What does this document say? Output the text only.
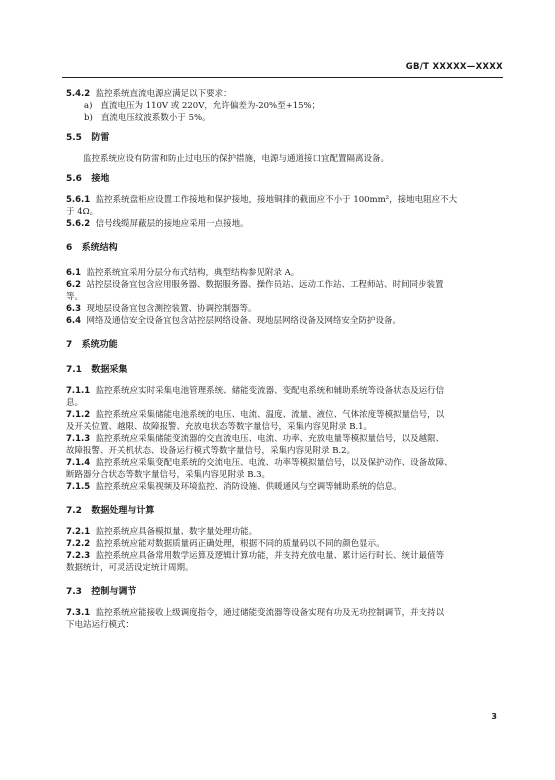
GB/T XXXXX—XXXX
5.4.2 监控系统直流电源应满足以下要求：
a) 直流电压为 110V 或 220V，允许偏差为-20%至+15%；
b) 直流电压纹波系数小于 5%。
5.5 防雷
监控系统应设有防雷和防止过电压的保护措施，电源与通道接口宜配置隔离设备。
5.6 接地
5.6.1 监控系统盘柜应设置工作接地和保护接地，接地铜排的截面应不小于 100mm²，接地电阻应不大
于 4Ω。
5.6.2 信号线缆屏蔽层的接地应采用一点接地。
6 系统结构
6.1 监控系统宜采用分层分布式结构，典型结构参见附录 A。
6.2 站控层设备宜包含应用服务器、数据服务器、操作员站、远动工作站、工程师站、时间同步装置
等。
6.3 现地层设备宜包含测控装置、协调控制器等。
6.4 网络及通信安全设备宜包含站控层网络设备、现地层网络设备及网络安全防护设备。
7 系统功能
7.1 数据采集
7.1.1 监控系统应实时采集电池管理系统、储能变流器、变配电系统和辅助系统等设备状态及运行信
息。
7.1.2 监控系统应采集储能电池系统的电压、电流、温度、流量、液位、气体浓度等模拟量信号，以
及开关位置、越限、故障报警、充放电状态等数字量信号，采集内容见附录 B.1。
7.1.3 监控系统应采集储能变流器的交直流电压、电流、功率、充放电量等模拟量信号，以及越限、
故障报警、开关机状态、设备运行模式等数字量信号，采集内容见附录 B.2。
7.1.4 监控系统应采集变配电系统的交流电压、电流、功率等模拟量信号，以及保护动作、设备故障、
断路器分合状态等数字量信号，采集内容见附录 B.3。
7.1.5 监控系统应采集视频及环境监控、消防设施、供暖通风与空调等辅助系统的信息。
7.2 数据处理与计算
7.2.1 监控系统应具备模拟量、数字量处理功能。
7.2.2 监控系统应能对数据质量码正确处理，根据不同的质量码以不同的颜色显示。
7.2.3 监控系统应具备常用数学运算及逻辑计算功能，并支持充放电量、累计运行时长、统计最值等
数据统计，可灵活设定统计周期。
7.3 控制与调节
7.3.1 监控系统应能接收上级调度指令，通过储能变流器等设备实现有功及无功控制调节，并支持以
下电站运行模式：
3
